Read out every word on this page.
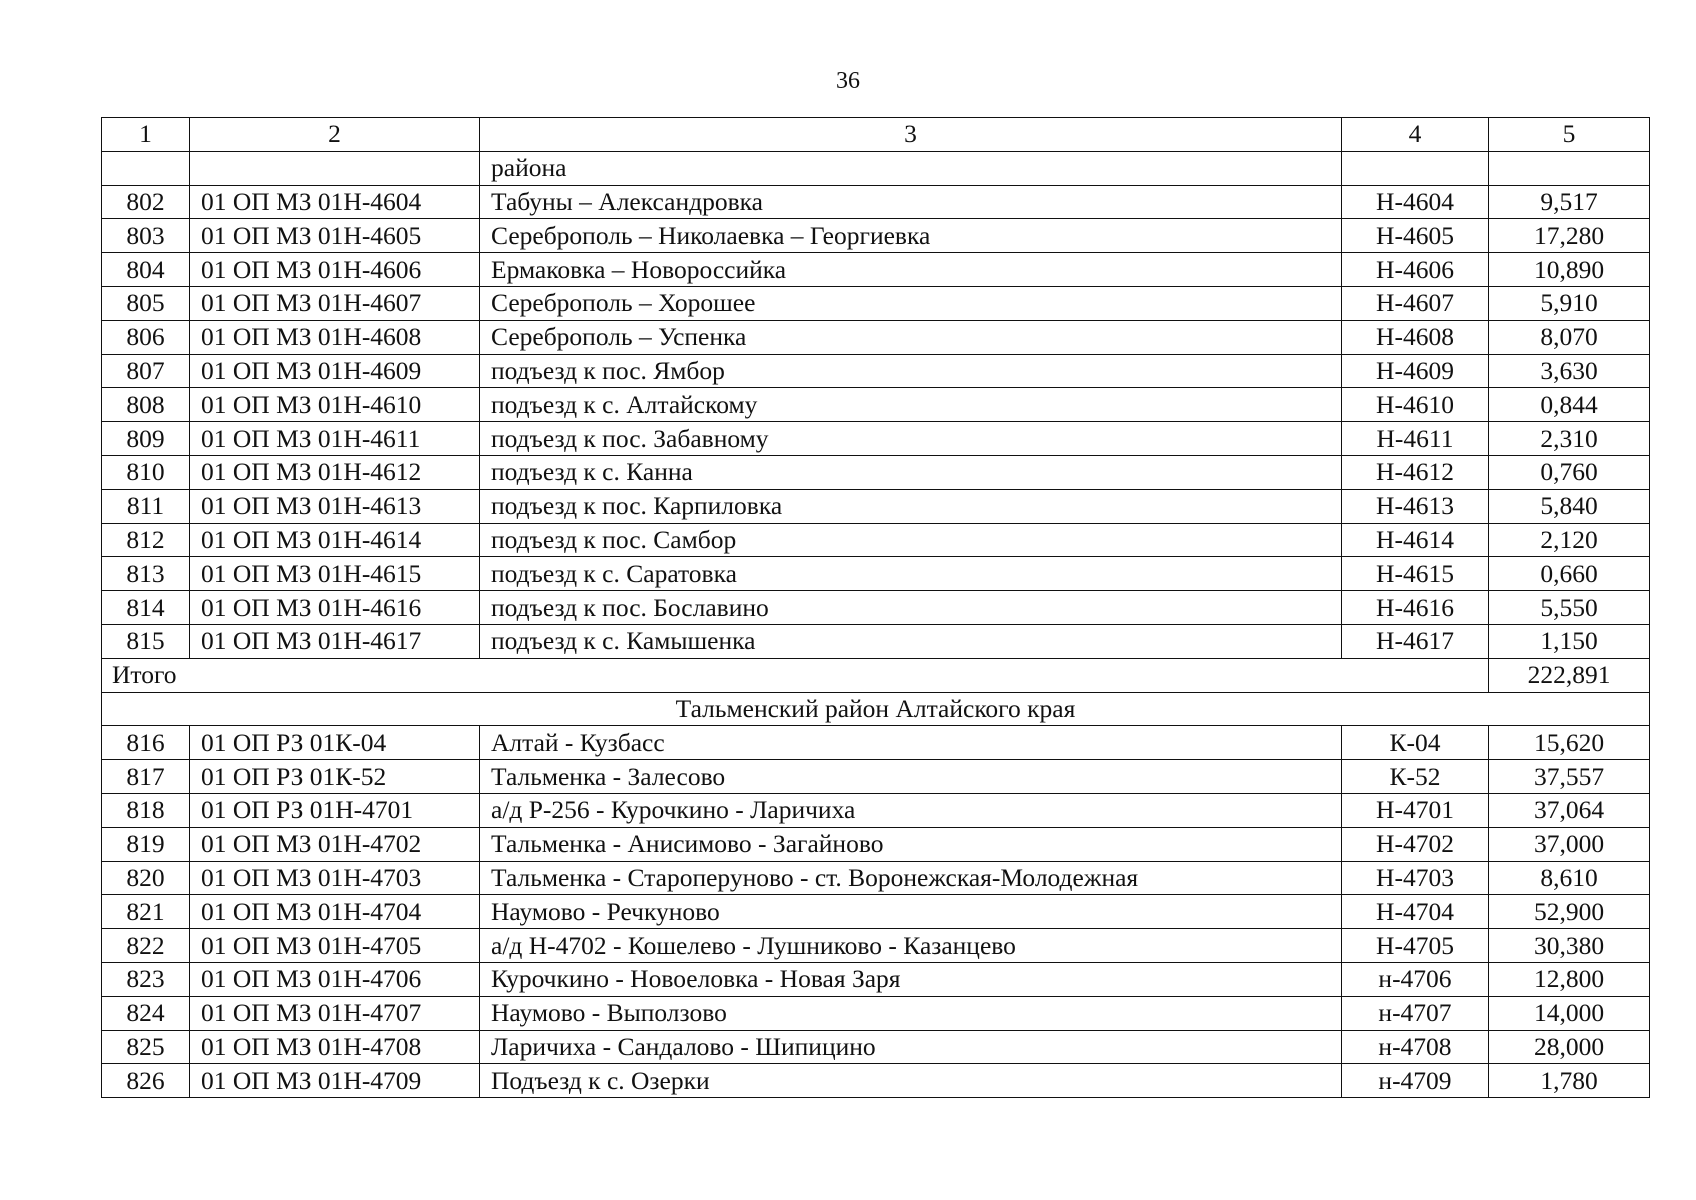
36
1	2	3	4	5
		района		
802	01 ОП МЗ 01Н-4604	Табуны – Александровка	Н-4604	9,517
803	01 ОП МЗ 01Н-4605	Сереброполь – Николаевка – Георгиевка	Н-4605	17,280
804	01 ОП МЗ 01Н-4606	Ермаковка – Новороссийка	Н-4606	10,890
805	01 ОП МЗ 01Н-4607	Сереброполь – Хорошее	Н-4607	5,910
806	01 ОП МЗ 01Н-4608	Сереброполь – Успенка	Н-4608	8,070
807	01 ОП МЗ 01Н-4609	подъезд к пос. Ямбор	Н-4609	3,630
808	01 ОП МЗ 01Н-4610	подъезд к с. Алтайскому	Н-4610	0,844
809	01 ОП МЗ 01Н-4611	подъезд к пос. Забавному	Н-4611	2,310
810	01 ОП МЗ 01Н-4612	подъезд к с. Канна	Н-4612	0,760
811	01 ОП МЗ 01Н-4613	подъезд к пос. Карпиловка	Н-4613	5,840
812	01 ОП МЗ 01Н-4614	подъезд к пос. Самбор	Н-4614	2,120
813	01 ОП МЗ 01Н-4615	подъезд к с. Саратовка	Н-4615	0,660
814	01 ОП МЗ 01Н-4616	подъезд к пос. Бославино	Н-4616	5,550
815	01 ОП МЗ 01Н-4617	подъезд к с. Камышенка	Н-4617	1,150
Итого				222,891
Тальменский район Алтайского края				
816	01 ОП РЗ 01К-04	Алтай - Кузбасс	К-04	15,620
817	01 ОП РЗ 01К-52	Тальменка - Залесово	К-52	37,557
818	01 ОП РЗ 01Н-4701	а/д Р-256 - Курочкино - Ларичиха	Н-4701	37,064
819	01 ОП МЗ 01Н-4702	Тальменка - Анисимово - Загайново	Н-4702	37,000
820	01 ОП МЗ 01Н-4703	Тальменка - Староперуново - ст. Воронежская-Молодежная	Н-4703	8,610
821	01 ОП МЗ 01Н-4704	Наумово - Речкуново	Н-4704	52,900
822	01 ОП МЗ 01Н-4705	а/д Н-4702 - Кошелево - Лушниково - Казанцево	Н-4705	30,380
823	01 ОП МЗ 01Н-4706	Курочкино - Новоеловка - Новая Заря	н-4706	12,800
824	01 ОП МЗ 01Н-4707	Наумово - Выползово	н-4707	14,000
825	01 ОП МЗ 01Н-4708	Ларичиха - Сандалово - Шипицино	н-4708	28,000
826	01 ОП МЗ 01Н-4709	Подъезд к с. Озерки	н-4709	1,780
